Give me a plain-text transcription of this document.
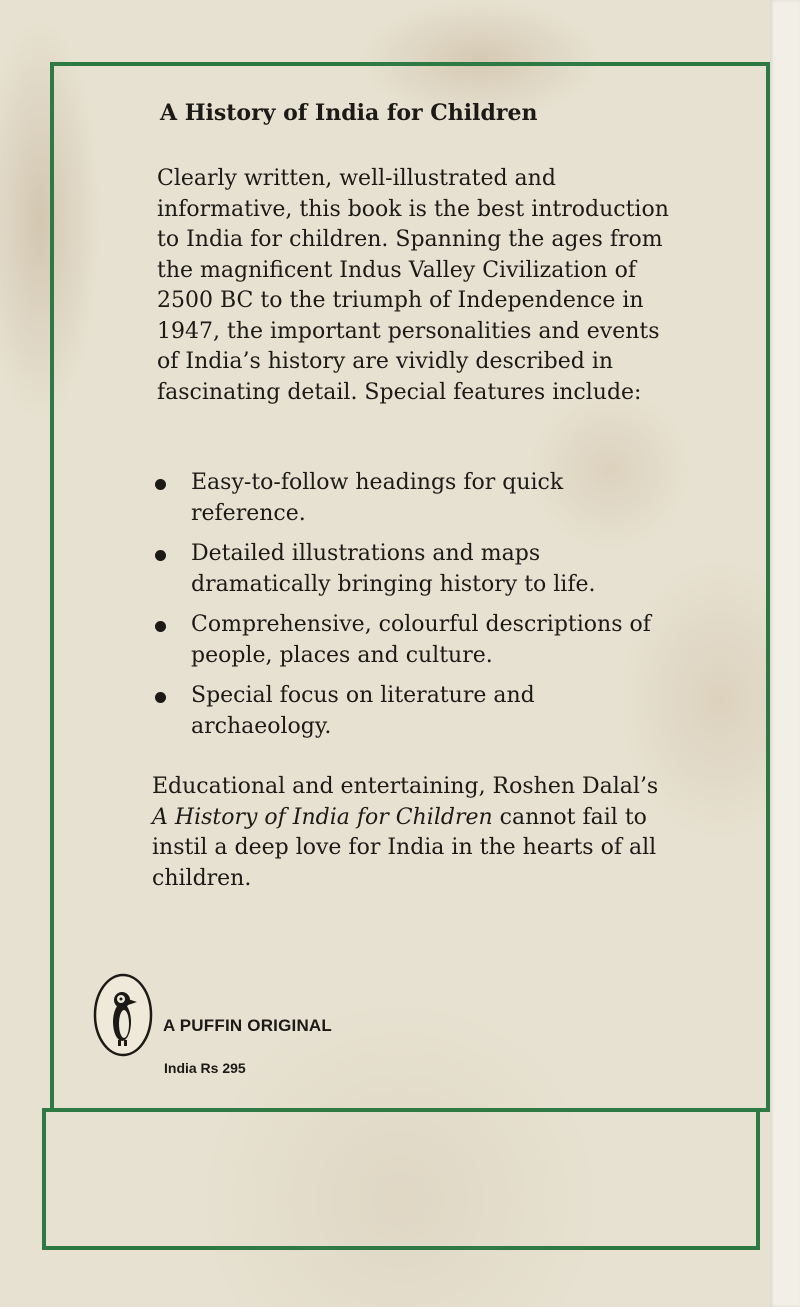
A History of India for Children

Clearly written, well-illustrated and informative, this book is the best introduction to India for children. Spanning the ages from the magnificent Indus Valley Civilization of 2500 BC to the triumph of Independence in 1947, the important personalities and events of India’s history are vividly described in fascinating detail. Special features include:

Easy-to-follow headings for quick reference.
Detailed illustrations and maps dramatically bringing history to life.
Comprehensive, colourful descriptions of people, places and culture.
Special focus on literature and archaeology.

Educational and entertaining, Roshen Dalal’s A History of India for Children cannot fail to instil a deep love for India in the hearts of all children.

A PUFFIN ORIGINAL
India Rs 295
